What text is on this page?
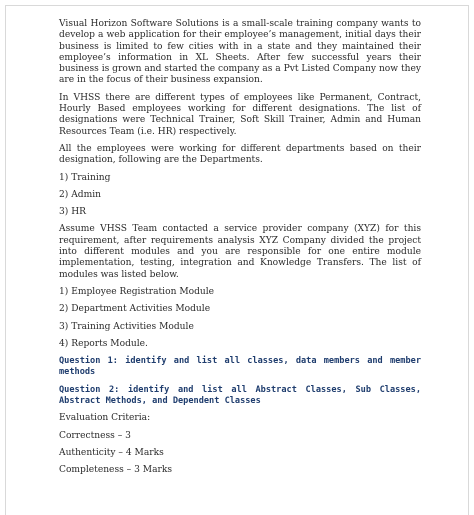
Visual Horizon Software Solutions is a small-scale training company wants to develop a web application for their employee’s management, initial days their business is limited to few cities with in a state and they maintained their employee’s information in XL Sheets. After few successful years their business is grown and started the company as a Pvt Listed Company now they are in the focus of their business expansion.

In VHSS there are different types of employees like Permanent, Contract, Hourly Based employees working for different designations. The list of designations were Technical Trainer, Soft Skill Trainer, Admin and Human Resources Team (i.e. HR) respectively.

All the employees were working for different departments based on their designation, following are the Departments.

1) Training
2) Admin
3) HR

Assume VHSS Team contacted a service provider company (XYZ) for this requirement, after requirements analysis XYZ Company divided the project into different modules and you are responsible for one entire module implementation, testing, integration and Knowledge Transfers. The list of modules was listed below.

1) Employee Registration Module
2) Department Activities Module
3) Training Activities Module
4) Reports Module.

Question 1: identify and list all classes, data members and member methods

Question 2: identify and list all Abstract Classes, Sub Classes, Abstract Methods, and Dependent Classes

Evaluation Criteria:
Correctness – 3
Authenticity – 4 Marks
Completeness – 3 Marks
